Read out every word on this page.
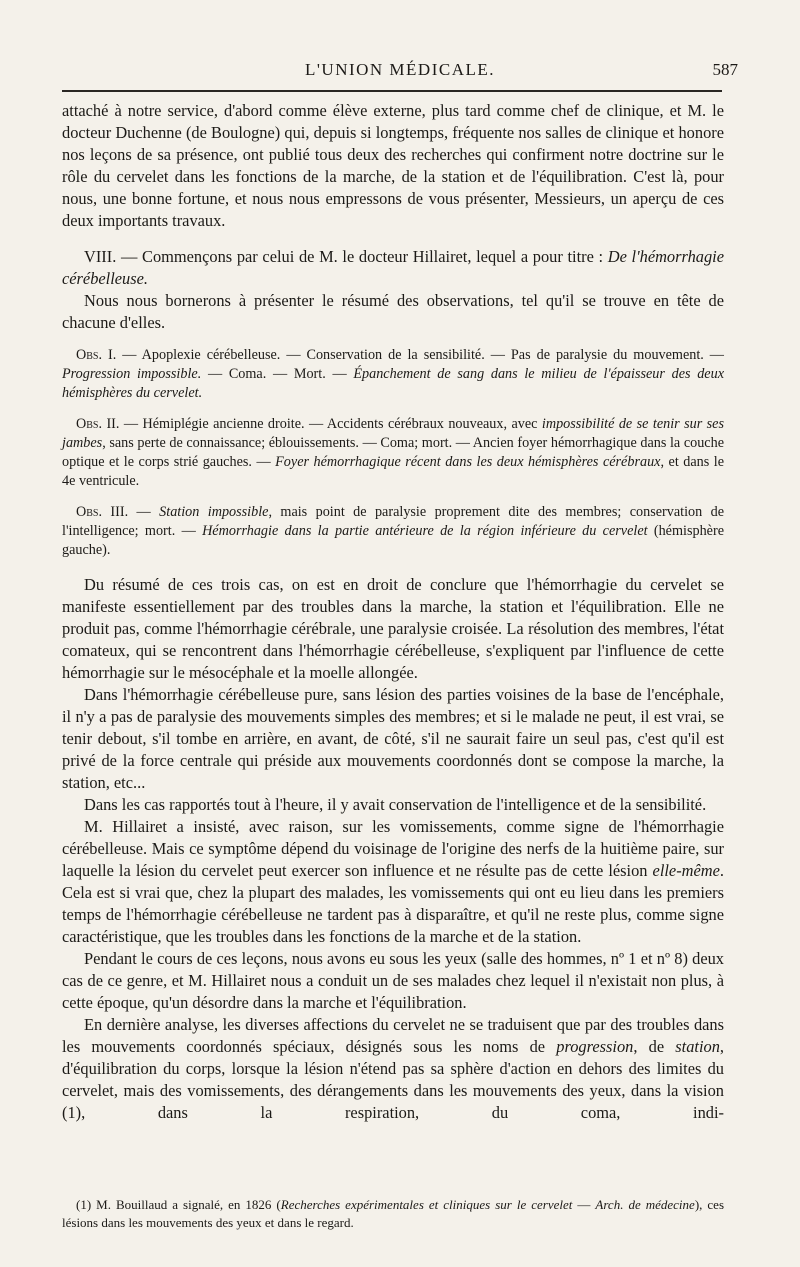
L'UNION MÉDICALE.	587

attaché à notre service, d'abord comme élève externe, plus tard comme chef de clinique, et M. le docteur Duchenne (de Boulogne) qui, depuis si longtemps, fréquente nos salles de clinique et honore nos leçons de sa présence, ont publié tous deux des recherches qui confirment notre doctrine sur le rôle du cervelet dans les fonctions de la marche, de la station et de l'équilibration. C'est là, pour nous, une bonne fortune, et nous nous empressons de vous présenter, Messieurs, un aperçu de ces deux importants travaux.

VIII. — Commençons par celui de M. le docteur Hillairet, lequel a pour titre : De l'hémorrhagie cérébelleuse.

Nous nous bornerons à présenter le résumé des observations, tel qu'il se trouve en tête de chacune d'elles.

Obs. I. — Apoplexie cérébelleuse. — Conservation de la sensibilité. — Pas de paralysie du mouvement. — Progression impossible. — Coma. — Mort. — Épanchement de sang dans le milieu de l'épaisseur des deux hémisphères du cervelet.

Obs. II. — Hémiplégie ancienne droite. — Accidents cérébraux nouveaux, avec impossibilité de se tenir sur ses jambes, sans perte de connaissance; éblouissements. — Coma; mort. — Ancien foyer hémorrhagique dans la couche optique et le corps strié gauches. — Foyer hémorrhagique récent dans les deux hémisphères cérébraux, et dans le 4e ventricule.

Obs. III. — Station impossible, mais point de paralysie proprement dite des membres; conservation de l'intelligence; mort. — Hémorrhagie dans la partie antérieure de la région inférieure du cervelet (hémisphère gauche).

Du résumé de ces trois cas, on est en droit de conclure que l'hémorrhagie du cervelet se manifeste essentiellement par des troubles dans la marche, la station et l'équilibration. Elle ne produit pas, comme l'hémorrhagie cérébrale, une paralysie croisée. La résolution des membres, l'état comateux, qui se rencontrent dans l'hémorrhagie cérébelleuse, s'expliquent par l'influence de cette hémorrhagie sur le mésocéphale et la moelle allongée.

Dans l'hémorrhagie cérébelleuse pure, sans lésion des parties voisines de la base de l'encéphale, il n'y a pas de paralysie des mouvements simples des membres; et si le malade ne peut, il est vrai, se tenir debout, s'il tombe en arrière, en avant, de côté, s'il ne saurait faire un seul pas, c'est qu'il est privé de la force centrale qui préside aux mouvements coordonnés dont se compose la marche, la station, etc...

Dans les cas rapportés tout à l'heure, il y avait conservation de l'intelligence et de la sensibilité.

M. Hillairet a insisté, avec raison, sur les vomissements, comme signe de l'hémorrhagie cérébelleuse. Mais ce symptôme dépend du voisinage de l'origine des nerfs de la huitième paire, sur laquelle la lésion du cervelet peut exercer son influence et ne résulte pas de cette lésion elle-même. Cela est si vrai que, chez la plupart des malades, les vomissements qui ont eu lieu dans les premiers temps de l'hémorrhagie cérébelleuse ne tardent pas à disparaître, et qu'il ne reste plus, comme signe caractéristique, que les troubles dans les fonctions de la marche et de la station.

Pendant le cours de ces leçons, nous avons eu sous les yeux (salle des hommes, nº 1 et nº 8) deux cas de ce genre, et M. Hillairet nous a conduit un de ses malades chez lequel il n'existait non plus, à cette époque, qu'un désordre dans la marche et l'équilibration.

En dernière analyse, les diverses affections du cervelet ne se traduisent que par des troubles dans les mouvements coordonnés spéciaux, désignés sous les noms de progression, de station, d'équilibration du corps, lorsque la lésion n'étend pas sa sphère d'action en dehors des limites du cervelet, mais des vomissements, des dérangements dans les mouvements des yeux, dans la vision (1), dans la respiration, du coma, indi-

(1) M. Bouillaud a signalé, en 1826 (Recherches expérimentales et cliniques sur le cervelet — Arch. de médecine), ces lésions dans les mouvements des yeux et dans le regard.
